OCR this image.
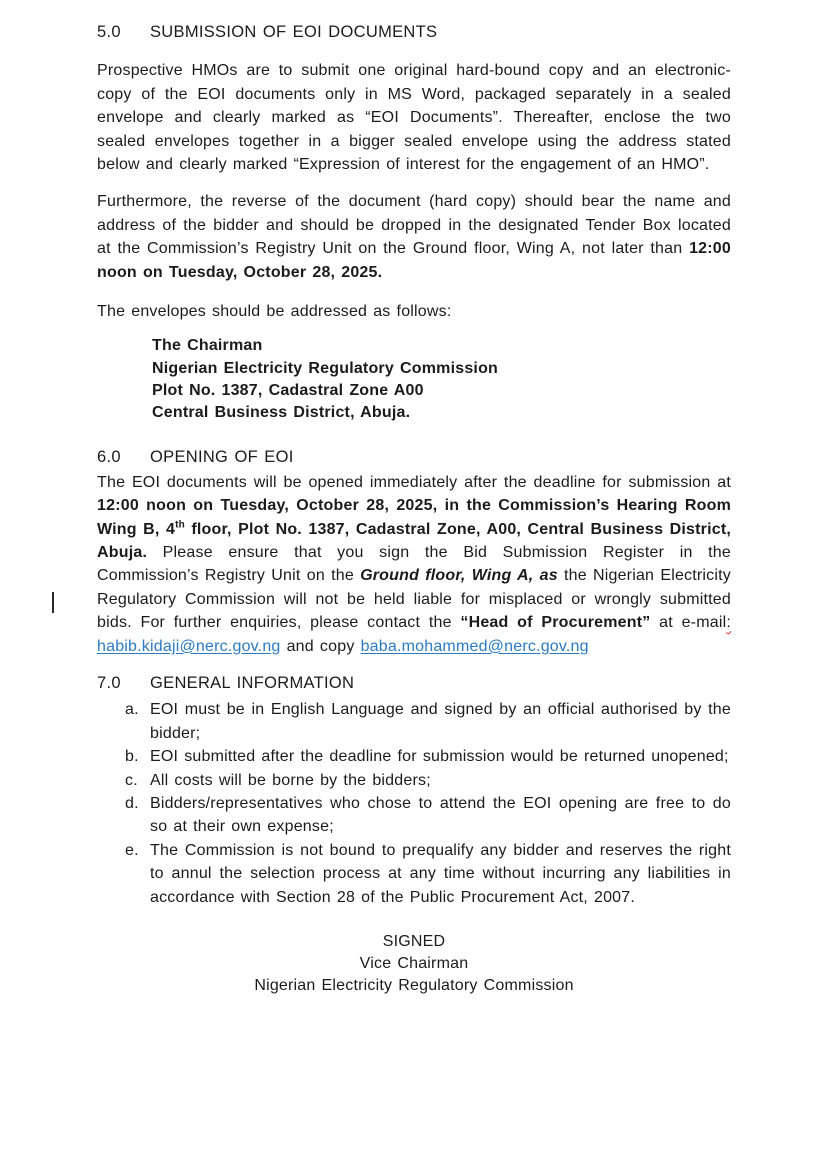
5.0 SUBMISSION OF EOI DOCUMENTS

Prospective HMOs are to submit one original hard-bound copy and an electronic-copy of the EOI documents only in MS Word, packaged separately in a sealed envelope and clearly marked as “EOI Documents”. Thereafter, enclose the two sealed envelopes together in a bigger sealed envelope using the address stated below and clearly marked “Expression of interest for the engagement of an HMO”.

Furthermore, the reverse of the document (hard copy) should bear the name and address of the bidder and should be dropped in the designated Tender Box located at the Commission’s Registry Unit on the Ground floor, Wing A, not later than 12:00 noon on Tuesday, October 28, 2025.

The envelopes should be addressed as follows:

The Chairman
Nigerian Electricity Regulatory Commission
Plot No. 1387, Cadastral Zone A00
Central Business District, Abuja.
6.0 OPENING OF EOI

The EOI documents will be opened immediately after the deadline for submission at 12:00 noon on Tuesday, October 28, 2025, in the Commission’s Hearing Room Wing B, 4th floor, Plot No. 1387, Cadastral Zone, A00, Central Business District, Abuja. Please ensure that you sign the Bid Submission Register in the Commission’s Registry Unit on the Ground floor, Wing A, as the Nigerian Electricity Regulatory Commission will not be held liable for misplaced or wrongly submitted bids. For further enquiries, please contact the “Head of Procurement” at e-mail: habib.kidaji@nerc.gov.ng and copy baba.mohammed@nerc.gov.ng

7.0 GENERAL INFORMATION
a. EOI must be in English Language and signed by an official authorised by the bidder;
b. EOI submitted after the deadline for submission would be returned unopened;
c. All costs will be borne by the bidders;
d. Bidders/representatives who chose to attend the EOI opening are free to do so at their own expense;
e. The Commission is not bound to prequalify any bidder and reserves the right to annul the selection process at any time without incurring any liabilities in accordance with Section 28 of the Public Procurement Act, 2007.
SIGNED
Vice Chairman
Nigerian Electricity Regulatory Commission
